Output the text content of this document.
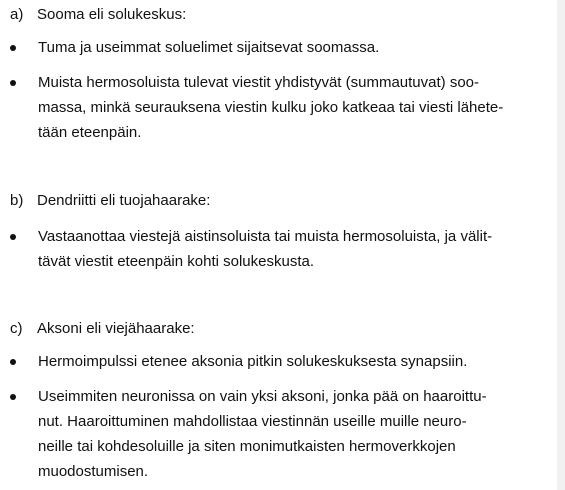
a) Sooma eli solukeskus:
Tuma ja useimmat soluelimet sijaitsevat soomassa.
Muista hermosoluista tulevat viestit yhdistyvät (summautuvat) soo-
massa, minkä seurauksena viestin kulku joko katkeaa tai viesti lähete-
tään eteenpäin.
b) Dendriitti eli tuojahaarake:
Vastaanottaa viestejä aistinsoluista tai muista hermosoluista, ja välit-
tävät viestit eteenpäin kohti solukeskusta.
c) Aksoni eli viejähaarake:
Hermoimpulssi etenee aksonia pitkin solukeskuksesta synapsiin.
Useimmiten neuronissa on vain yksi aksoni, jonka pää on haaroittu-
nut. Haaroittuminen mahdollistaa viestinnän useille muille neuro-
neille tai kohdesoluille ja siten monimutkaisten hermoverkkojen
muodostumisen.
